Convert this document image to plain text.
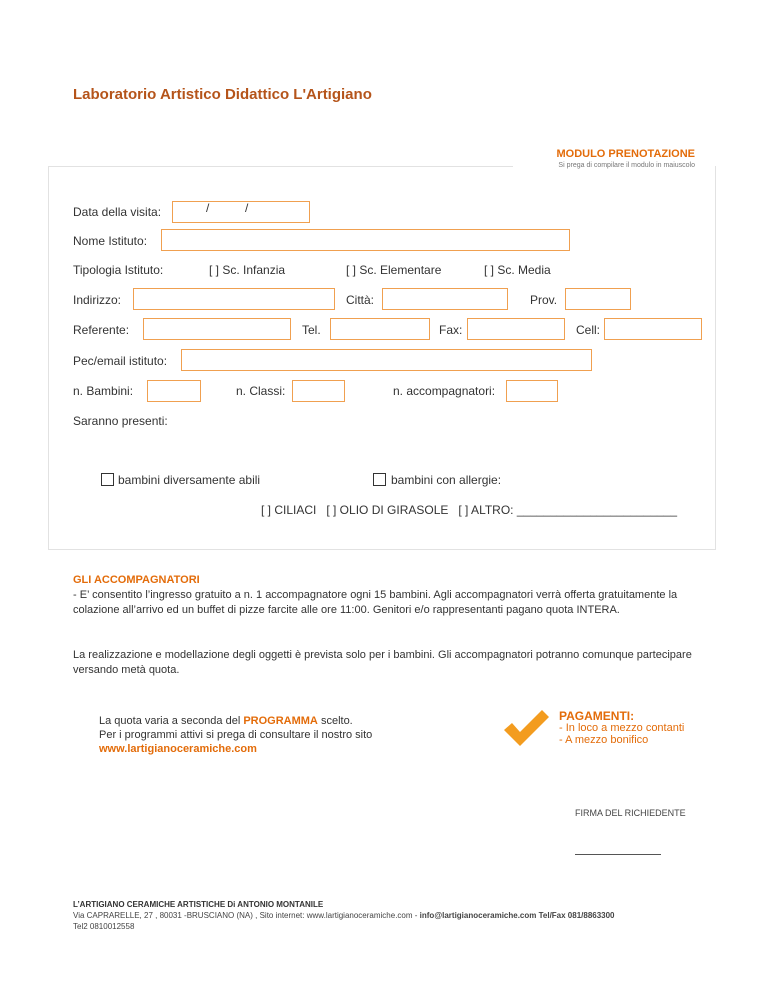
Laboratorio Artistico Didattico L'Artigiano
MODULO PRENOTAZIONE
Si prega di compilare il modulo in maiuscolo
Data della visita:	/	/
Nome Istituto:
Tipologia Istituto:	[ ] Sc. Infanzia	[ ] Sc. Elementare	[ ] Sc. Media
Indirizzo:	Città:	Prov.
Referente:	Tel.	Fax:	Cell:
Pec/email istituto:
n. Bambini:	n. Classi:	n. accompagnatori:
Saranno presenti:
bambini diversamente abili	bambini con allergie:
[ ] CILIACI   [ ] OLIO DI GIRASOLE   [ ] ALTRO: ________________________
GLI ACCOMPAGNATORI
- E’ consentito l’ingresso gratuito a n. 1 accompagnatore ogni 15 bambini. Agli accompagnatori verrà offerta gratuitamente la colazione all’arrivo ed un buffet di pizze farcite alle ore 11:00. Genitori e/o rappresentanti pagano quota INTERA.
La realizzazione e modellazione degli oggetti è prevista solo per i bambini. Gli accompagnatori potranno comunque partecipare versando metà quota.
La quota varia a seconda del PROGRAMMA scelto.
Per i programmi attivi si prega di consultare il nostro sito
www.lartigianoceramiche.com
PAGAMENTI:
- In loco a mezzo contanti
- A mezzo bonifico
FIRMA DEL RICHIEDENTE
L’ARTIGIANO CERAMICHE ARTISTICHE Di ANTONIO MONTANILE
Via CAPRARELLE, 27 , 80031 -BRUSCIANO (NA) , Sito internet: www.lartigianoceramiche.com - info@lartigianoceramiche.com Tel/Fax 081/8863300
Tel2 0810012558
